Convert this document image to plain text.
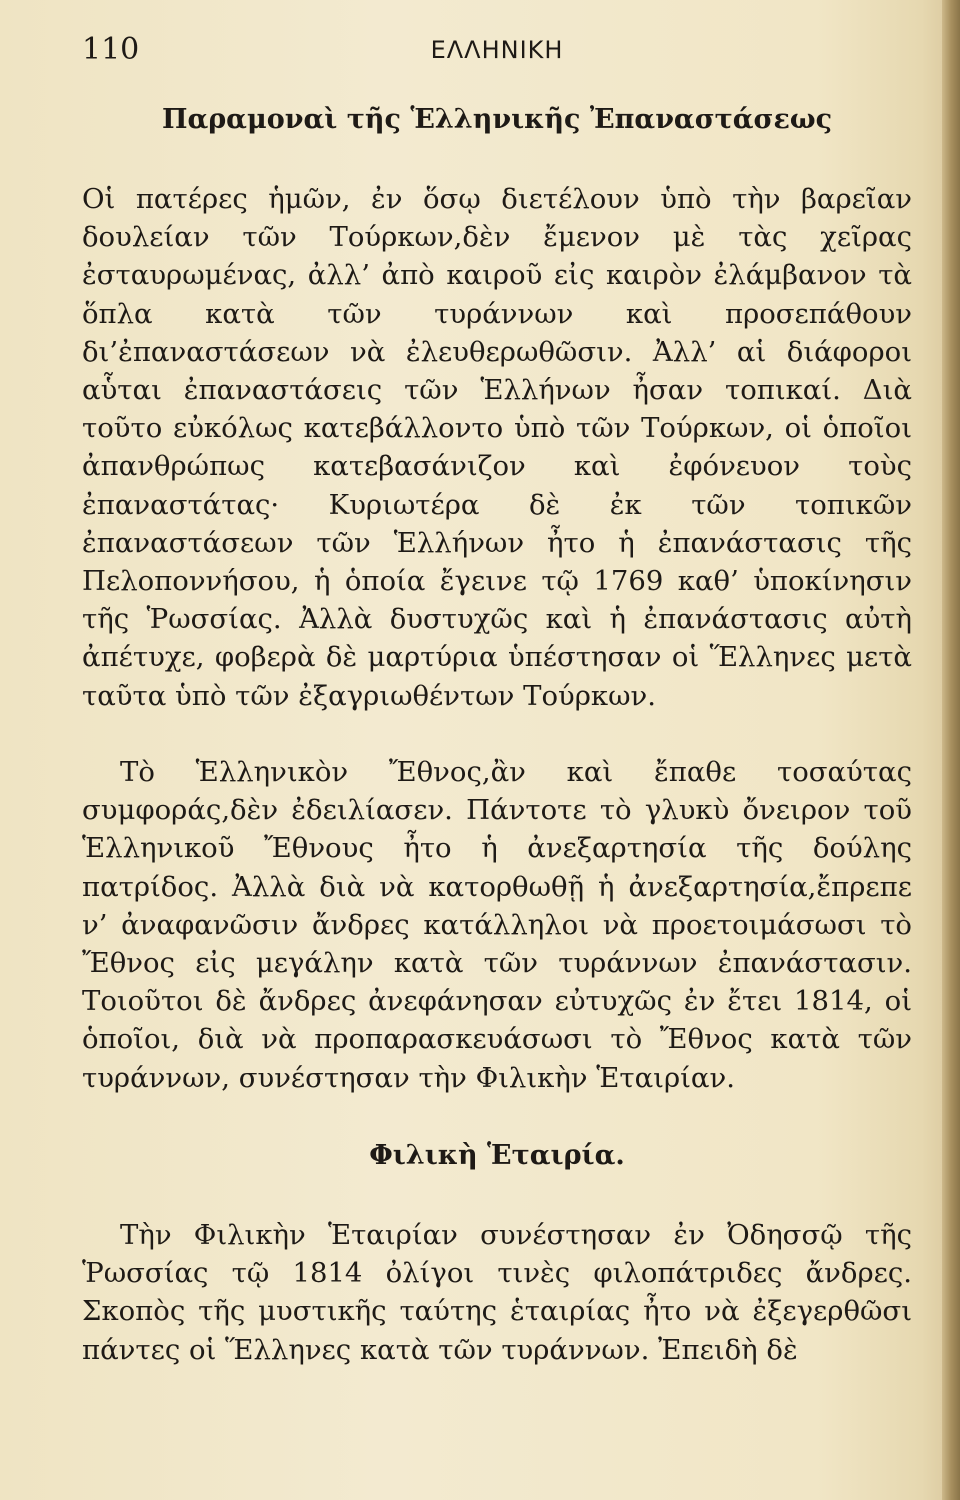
110	ΕΛΛΗΝΙΚΗ
Παραμοναὶ τῆς Ἑλληνικῆς Ἐπαναστάσεως

Οἱ πατέρες ἡμῶν, ἐν ὅσῳ διετέλουν ὑπὸ τὴν βαρεῖαν δουλείαν τῶν Τούρκων,δὲν ἔμενον μὲ τὰς χεῖρας ἐσταυρωμένας, ἀλλ’ ἀπὸ καιροῦ εἰς καιρὸν ἐλάμβανον τὰ ὅπλα κατὰ τῶν τυράννων καὶ προσεπάθουν δι’ἐπαναστάσεων νὰ ἐλευθερωθῶσιν. Ἀλλ’ αἱ διάφοροι αὗται ἐπαναστάσεις τῶν Ἑλλήνων ἦσαν τοπικαί. Διὰ τοῦτο εὐκόλως κατεβάλλοντο ὑπὸ τῶν Τούρκων, οἱ ὁποῖοι ἀπανθρώπως κατεβασάνιζον καὶ ἐφόνευον τοὺς ἐπαναστάτας· Κυριωτέρα δὲ ἐκ τῶν τοπικῶν ἐπαναστάσεων τῶν Ἑλλήνων ἦτο ἡ ἐπανάστασις τῆς Πελοποννήσου, ἡ ὁποία ἔγεινε τῷ 1769 καθ’ ὑποκίνησιν τῆς Ῥωσσίας. Ἀλλὰ δυστυχῶς καὶ ἡ ἐπανάστασις αὐτὴ ἀπέτυχε, φοβερὰ δὲ μαρτύρια ὑπέστησαν οἱ Ἕλληνες μετὰ ταῦτα ὑπὸ τῶν ἐξαγριωθέντων Τούρκων.

Τὸ Ἑλληνικὸν Ἔθνος,ἂν καὶ ἔπαθε τοσαύτας συμφοράς,δὲν ἐδειλίασεν. Πάντοτε τὸ γλυκὺ ὄνειρον τοῦ Ἑλληνικοῦ Ἔθνους ἦτο ἡ ἀνεξαρτησία τῆς δούλης πατρίδος. Ἀλλὰ διὰ νὰ κατορθωθῇ ἡ ἀνεξαρτησία,ἔπρεπε ν’ ἀναφανῶσιν ἄνδρες κατάλληλοι νὰ προετοιμάσωσι τὸ Ἔθνος εἰς μεγάλην κατὰ τῶν τυράννων ἐπανάστασιν. Τοιοῦτοι δὲ ἄνδρες ἀνεφάνησαν εὐτυχῶς ἐν ἔτει 1814, οἱ ὁποῖοι, διὰ νὰ προπαρασκευάσωσι τὸ Ἔθνος κατὰ τῶν τυράννων, συνέστησαν τὴν Φιλικὴν Ἑταιρίαν.

Φιλικὴ Ἑταιρία.

Τὴν Φιλικὴν Ἑταιρίαν συνέστησαν ἐν Ὀδησσῷ τῆς Ῥωσσίας τῷ 1814 ὀλίγοι τινὲς φιλοπάτριδες ἄνδρες. Σκοπὸς τῆς μυστικῆς ταύτης ἑταιρίας ἦτο νὰ ἐξεγερθῶσι πάντες οἱ Ἕλληνες κατὰ τῶν τυράννων. Ἐπειδὴ δὲ
